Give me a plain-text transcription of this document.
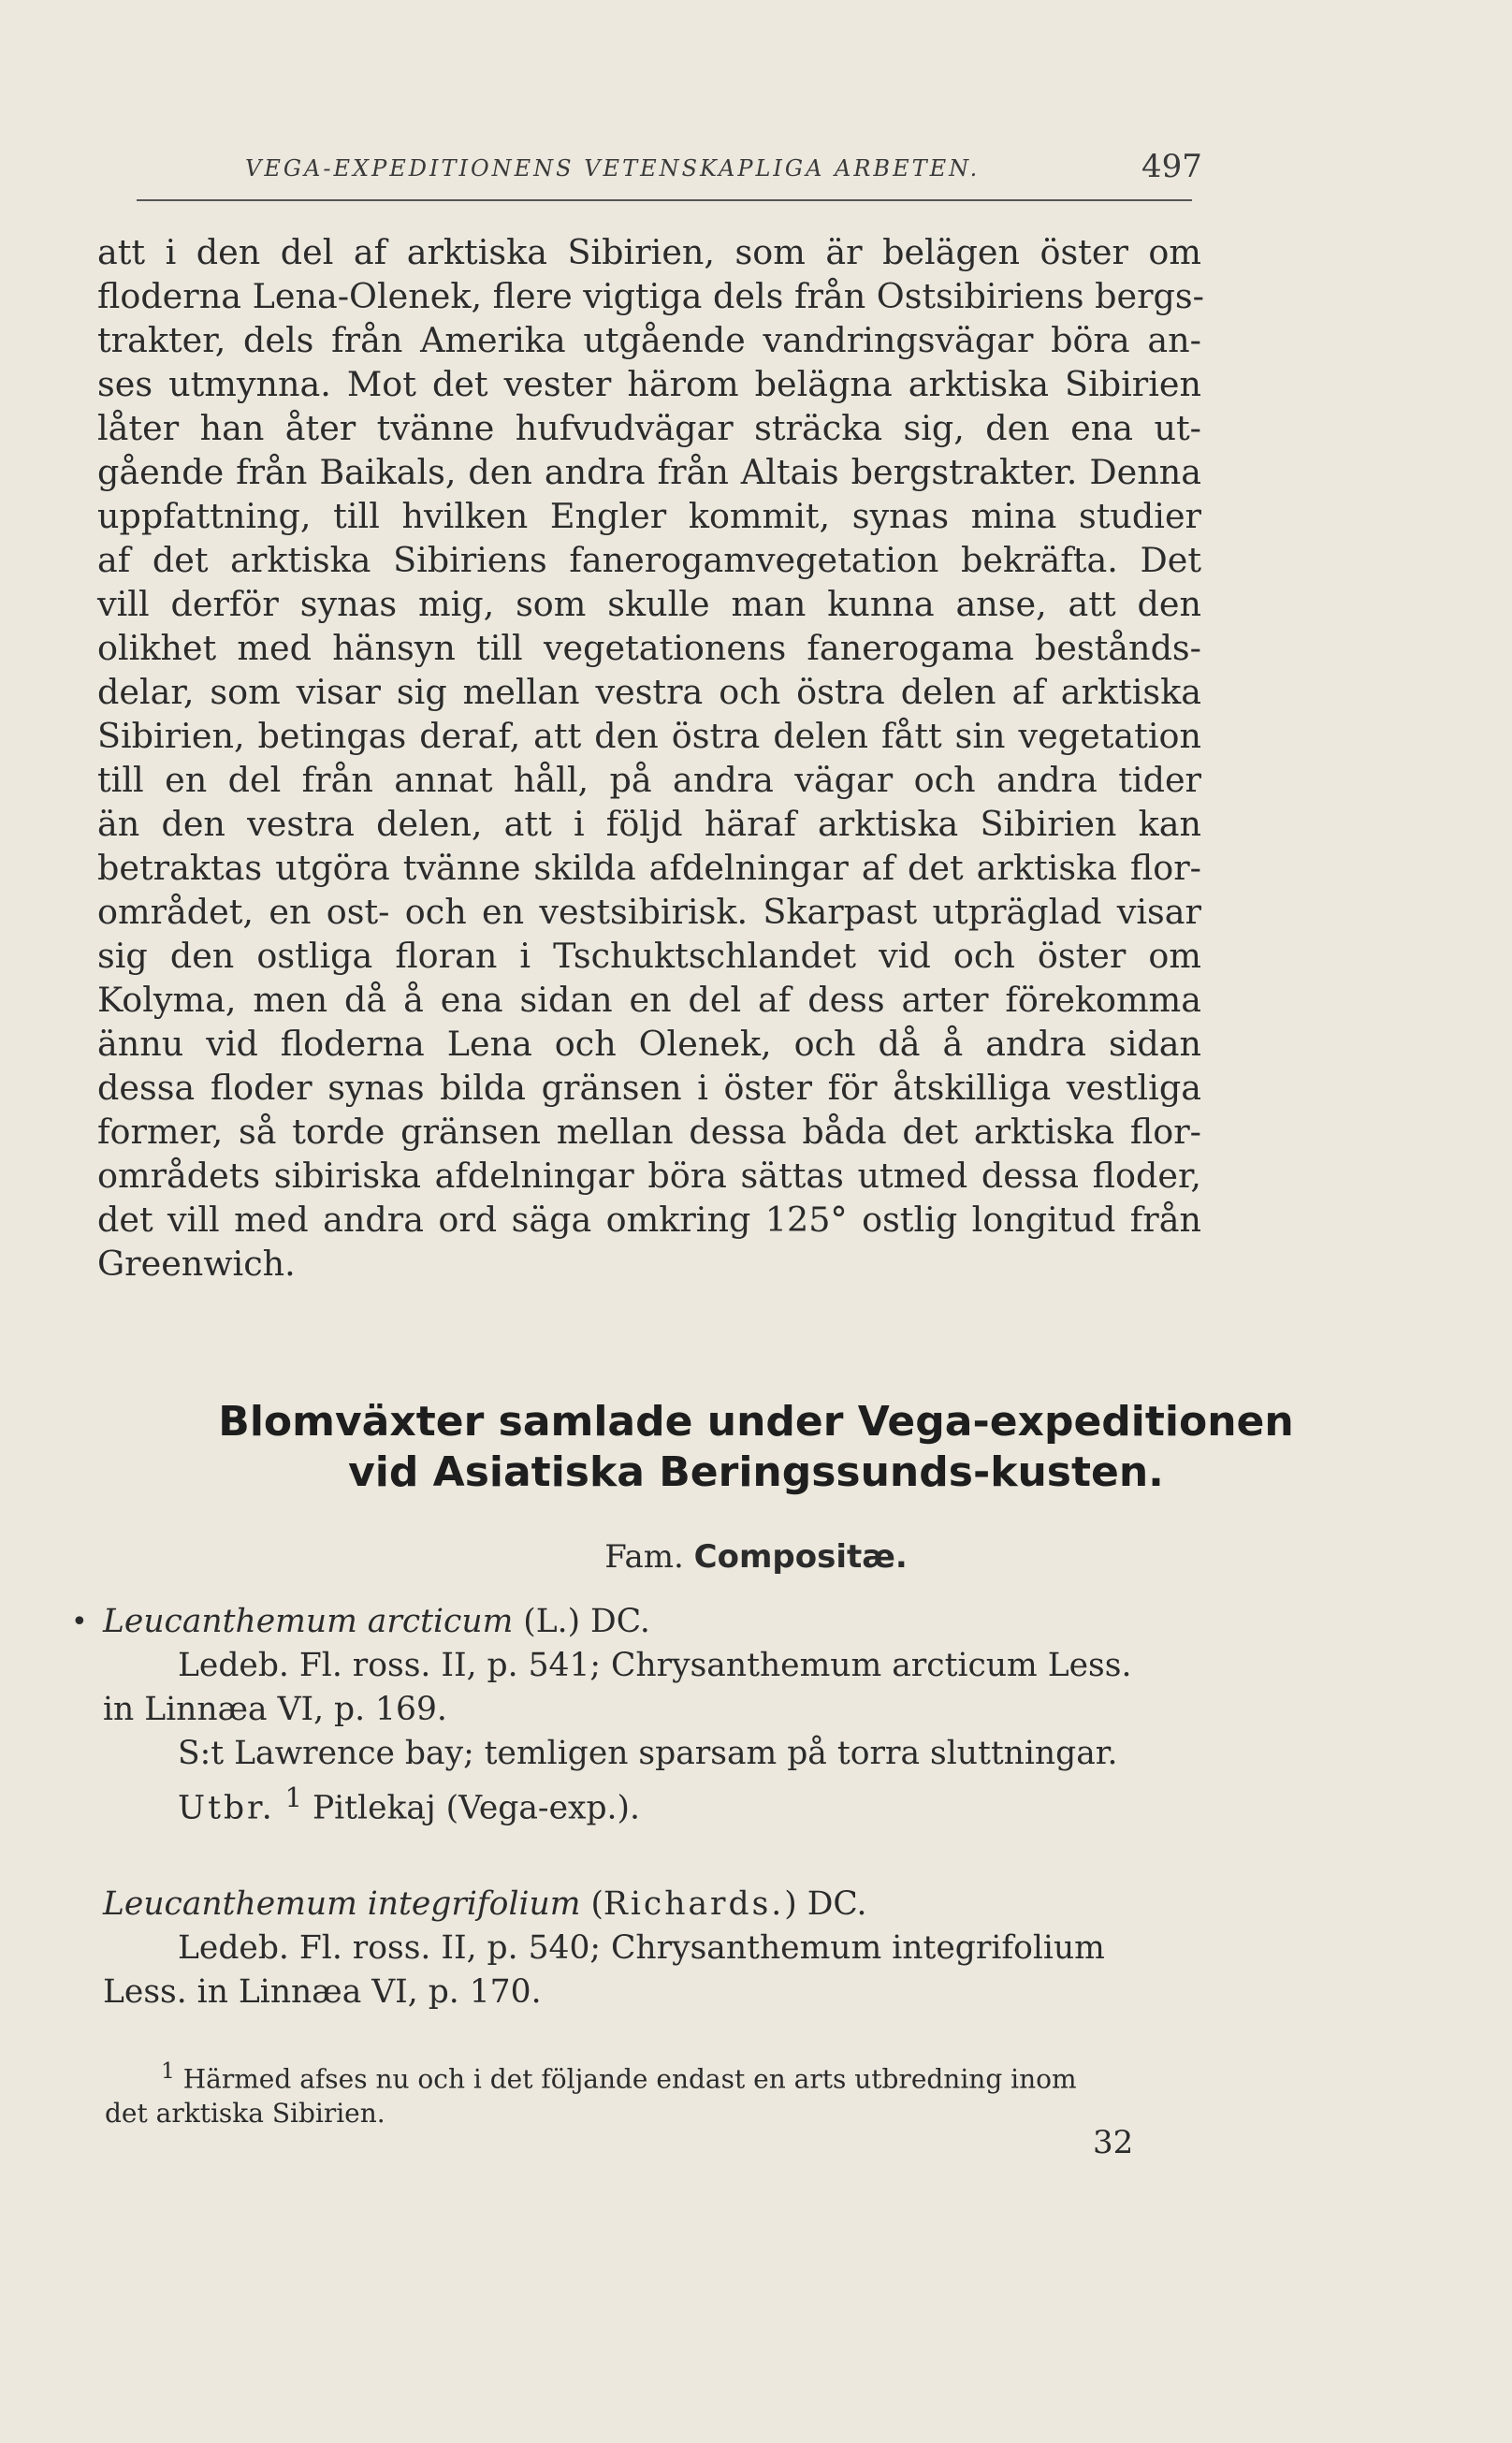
VEGA-EXPEDITIONENS VETENSKAPLIGA ARBETEN.	497
att i den del af arktiska Sibirien, som är belägen öster om
floderna Lena-Olenek, flere vigtiga dels från Ostsibiriens bergs-
trakter, dels från Amerika utgående vandringsvägar böra an-
ses utmynna. Mot det vester härom belägna arktiska Sibirien
låter han åter tvänne hufvudvägar sträcka sig, den ena ut-
gående från Baikals, den andra från Altais bergstrakter. Denna
uppfattning, till hvilken Engler kommit, synas mina studier
af det arktiska Sibiriens fanerogamvegetation bekräfta. Det
vill derför synas mig, som skulle man kunna anse, att den
olikhet med hänsyn till vegetationens fanerogama bestånds-
delar, som visar sig mellan vestra och östra delen af arktiska
Sibirien, betingas deraf, att den östra delen fått sin vegetation
till en del från annat håll, på andra vägar och andra tider
än den vestra delen, att i följd häraf arktiska Sibirien kan
betraktas utgöra tvänne skilda afdelningar af det arktiska flor-
området, en ost- och en vestsibirisk. Skarpast utpräglad visar
sig den ostliga floran i Tschuktschlandet vid och öster om
Kolyma, men då å ena sidan en del af dess arter förekomma
ännu vid floderna Lena och Olenek, och då å andra sidan
dessa floder synas bilda gränsen i öster för åtskilliga vestliga
former, så torde gränsen mellan dessa båda det arktiska flor-
områdets sibiriska afdelningar böra sättas utmed dessa floder,
det vill med andra ord säga omkring 125° ostlig longitud från
Greenwich.
Blomväxter samlade under Vega-expeditionen
vid Asiatiska Beringssunds-kusten.
Fam. Compositæ.
• Leucanthemum arcticum (L.) DC.
Ledeb. Fl. ross. II, p. 541; Chrysanthemum arcticum Less.
in Linnæa VI, p. 169.
S:t Lawrence bay; temligen sparsam på torra sluttningar.
Utbr. $^1$ Pitlekaj (Vega-exp.).
Leucanthemum integrifolium (Richards.) DC.
Ledeb. Fl. ross. II, p. 540; Chrysanthemum integrifolium
Less. in Linnæa VI, p. 170.
$^1$ Härmed afses nu och i det följande endast en arts utbredning inom
det arktiska Sibirien.
32
